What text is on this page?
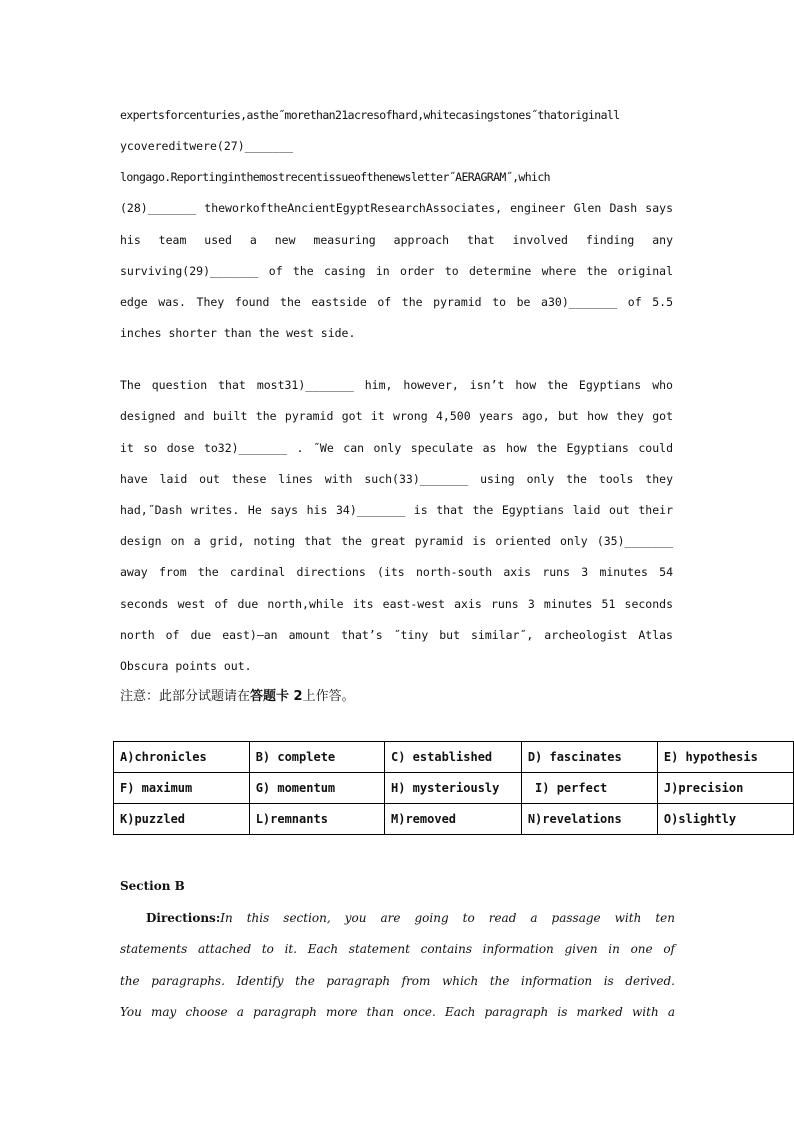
expertsforcenturies,asthe˝morethan21acresofhard,whitecasingstones˝thatoriginall
ycovereditwere(27)_______
longago.Reportinginthemostrecentissueofthenewsletter˝AERAGRAM˝,which
(28)_______ theworkoftheAncientEgyptResearchAssociates, engineer Glen Dash says
his team used a new measuring approach that involved finding any
surviving(29)_______ of the casing in order to determine where the original
edge was. They found the eastside of the pyramid to be a30)_______ of 5.5
inches shorter than the west side.
The question that most31)_______ him, however, isn’t how the Egyptians who
designed and built the pyramid got it wrong 4,500 years ago, but how they got
it so dose to32)_______ . ˝We can only speculate as how the Egyptians could
have laid out these lines with such(33)_______ using only the tools they
had,˝Dash writes. He says his 34)_______ is that the Egyptians laid out their
design on a grid, noting that the great pyramid is oriented only (35)_______
away from the cardinal directions (its north-south axis runs 3 minutes 54
seconds west of due north,while its east-west axis runs 3 minutes 51 seconds
north of due east)—an amount that’s ˝tiny but similar˝, archeologist Atlas
Obscura points out.
注意：此部分试题请在答题卡 2上作答。
A)chronicles	B) complete	C) established	D) fascinates	E) hypothesis
F) maximum	G) momentum	H) mysteriously	I) perfect	J)precision
K)puzzled	L)remnants	M)removed	N)revelations	O)slightly
Section B
Directions:In this section, you are going to read a passage with ten
statements attached to it. Each statement contains information given in one of
the paragraphs. Identify the paragraph from which the information is derived.
You may choose a paragraph more than once. Each paragraph is marked with a
